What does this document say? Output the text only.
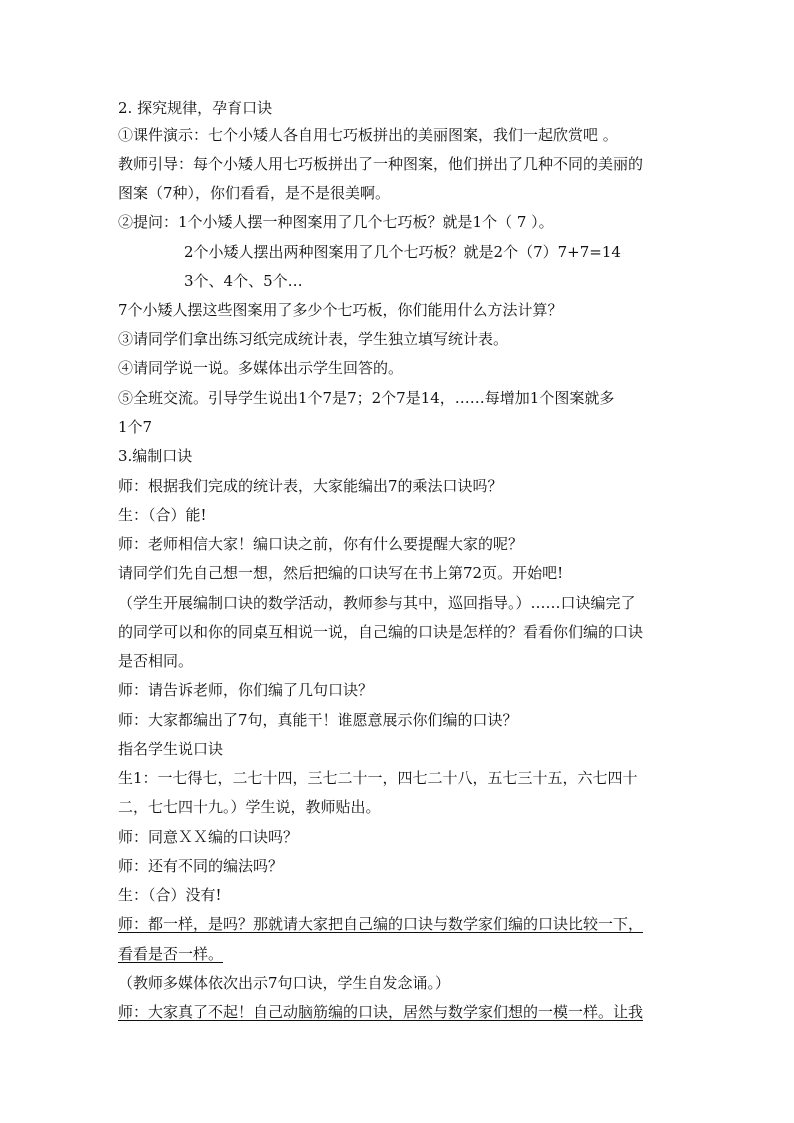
2. 探究规律，孕育口诀
①课件演示：七个小矮人各自用七巧板拼出的美丽图案，我们一起欣赏吧 。
教师引导：每个小矮人用七巧板拼出了一种图案，他们拼出了几种不同的美丽的
图案（7种），你们看看，是不是很美啊。
②提问：1个小矮人摆一种图案用了几个七巧板？就是1个（ 7 ）。
2个小矮人摆出两种图案用了几个七巧板？就是2个（7）7+7=14
3个、4个、5个…
7个小矮人摆这些图案用了多少个七巧板，你们能用什么方法计算？
③请同学们拿出练习纸完成统计表，学生独立填写统计表。
④请同学说一说。多媒体出示学生回答的。
⑤全班交流。引导学生说出1个7是7；2个7是14，……每增加1个图案就多
1个7
3.编制口诀
师：根据我们完成的统计表，大家能编出7的乘法口诀吗？
生：（合）能!
师：老师相信大家！编口诀之前，你有什么要提醒大家的呢？
请同学们先自己想一想，然后把编的口诀写在书上第72页。开始吧!
（学生开展编制口诀的数学活动，教师参与其中，巡回指导。）……口诀编完了
的同学可以和你的同桌互相说一说，自己编的口诀是怎样的？看看你们编的口诀
是否相同。
师：请告诉老师，你们编了几句口诀？
师：大家都编出了7句，真能干！谁愿意展示你们编的口诀？
指名学生说口诀
生1：一七得七，二七十四，三七二十一，四七二十八，五七三十五，六七四十
二，七七四十九。）学生说，教师贴出。
师：同意ＸＸ编的口诀吗？
师：还有不同的编法吗？
生：（合）没有!
师：都一样，是吗？那就请大家把自己编的口诀与数学家们编的口诀比较一下，
看看是否一样。
（教师多媒体依次出示7句口诀，学生自发念诵。）
师：大家真了不起！自己动脑筋编的口诀，居然与数学家们想的一模一样。让我
